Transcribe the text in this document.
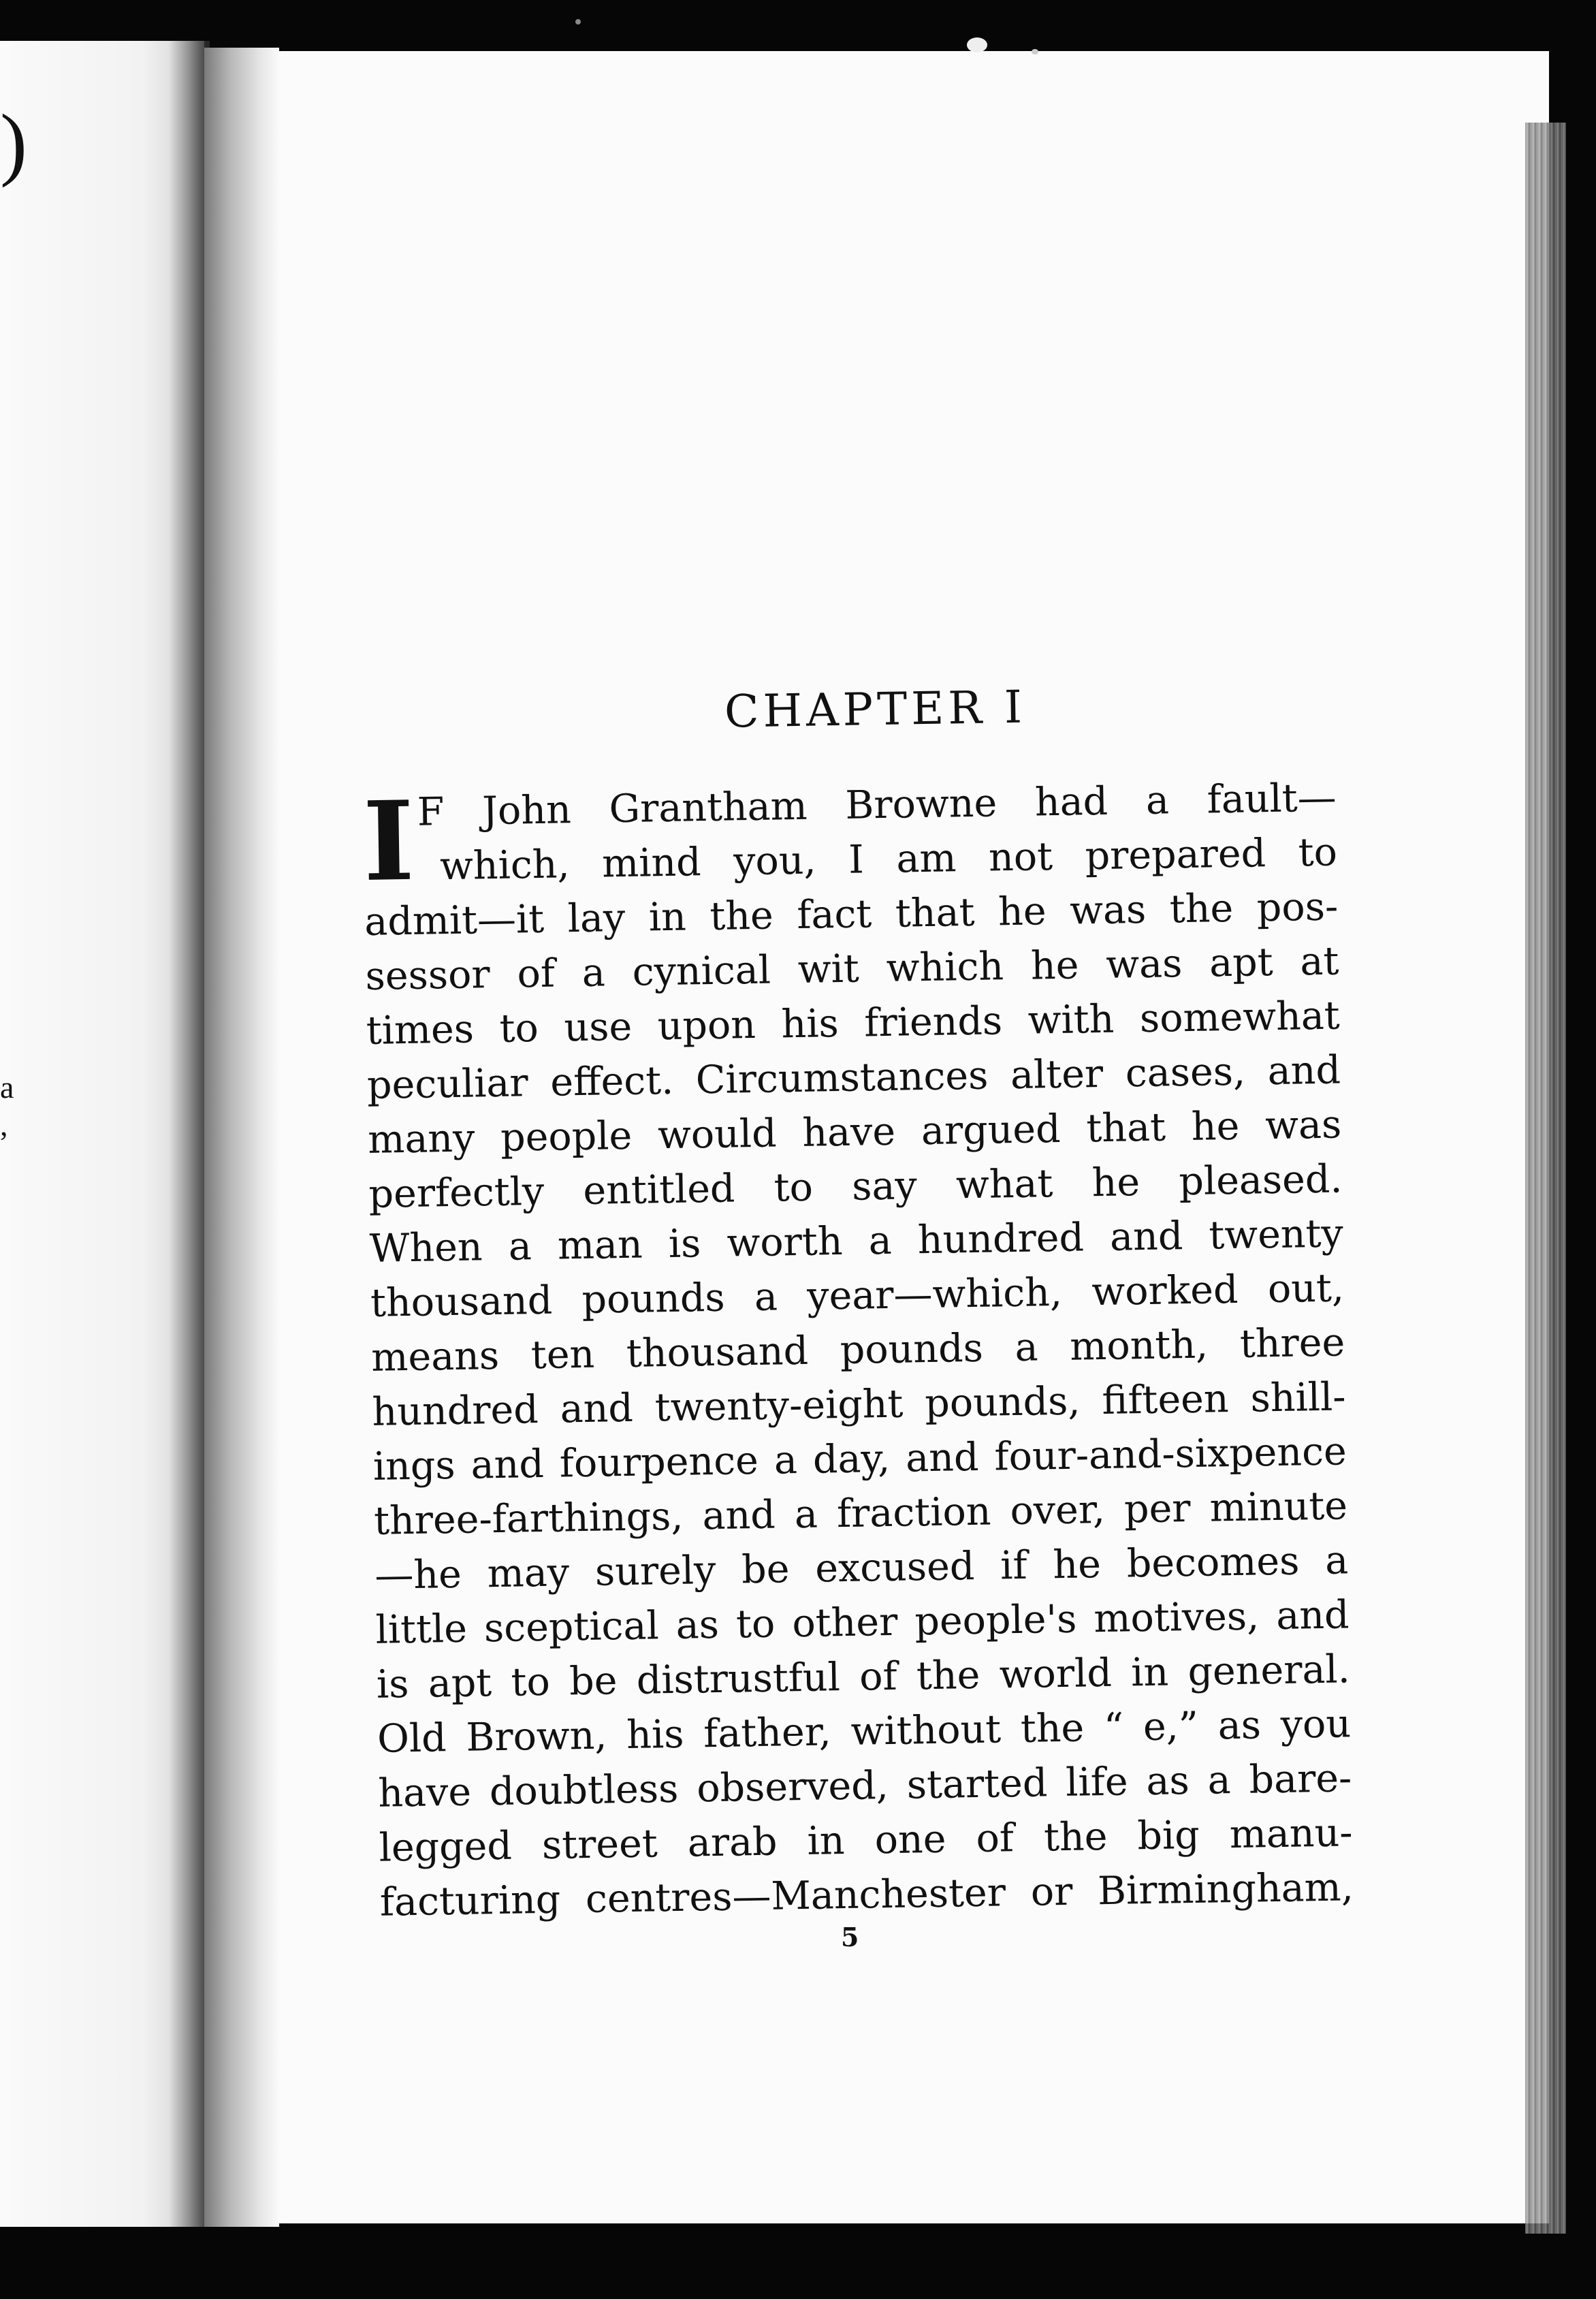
)
a
,
CHAPTER I
I F John Grantham Browne had a fault—
which, mind you, I am not prepared to
admit—it lay in the fact that he was the pos-
sessor of a cynical wit which he was apt at
times to use upon his friends with somewhat
peculiar effect. Circumstances alter cases, and
many people would have argued that he was
perfectly entitled to say what he pleased.
When a man is worth a hundred and twenty
thousand pounds a year—which, worked out,
means ten thousand pounds a month, three
hundred and twenty-eight pounds, fifteen shill-
ings and fourpence a day, and four-and-sixpence
three-farthings, and a fraction over, per minute
—he may surely be excused if he becomes a
little sceptical as to other people's motives, and
is apt to be distrustful of the world in general.
Old Brown, his father, without the “ e,” as you
have doubtless observed, started life as a bare-
legged street arab in one of the big manu-
facturing centres—Manchester or Birmingham,
5
